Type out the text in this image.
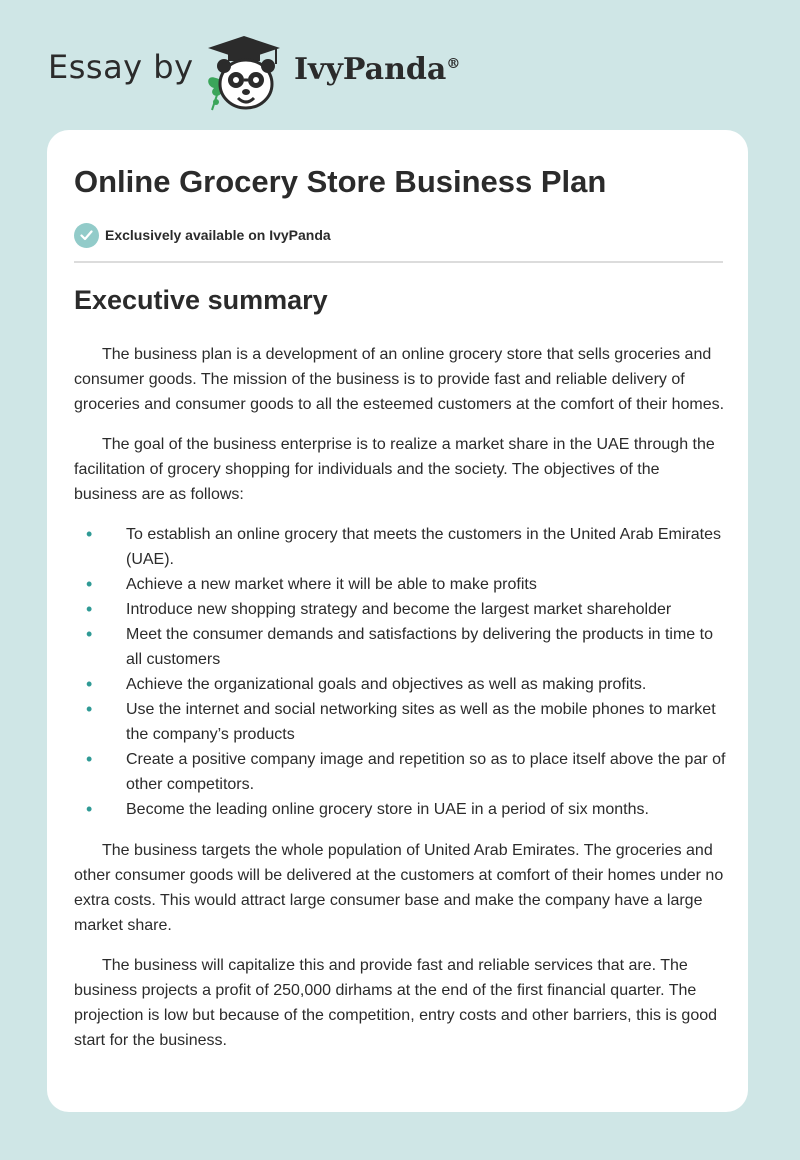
Essay by	IvyPanda®
Online Grocery Store Business Plan
Exclusively available on IvyPanda
Executive summary

The business plan is a development of an online grocery store that sells groceries and consumer goods. The mission of the business is to provide fast and reliable delivery of groceries and consumer goods to all the esteemed customers at the comfort of their homes.

The goal of the business enterprise is to realize a market share in the UAE through the facilitation of grocery shopping for individuals and the society. The objectives of the business are as follows:

• To establish an online grocery that meets the customers in the United Arab Emirates (UAE).
• Achieve a new market where it will be able to make profits
• Introduce new shopping strategy and become the largest market shareholder
• Meet the consumer demands and satisfactions by delivering the products in time to all customers
• Achieve the organizational goals and objectives as well as making profits.
• Use the internet and social networking sites as well as the mobile phones to market the company’s products
• Create a positive company image and repetition so as to place itself above the par of other competitors.
• Become the leading online grocery store in UAE in a period of six months.

The business targets the whole population of United Arab Emirates. The groceries and other consumer goods will be delivered at the customers at comfort of their homes under no extra costs. This would attract large consumer base and make the company have a large market share.

The business will capitalize this and provide fast and reliable services that are. The business projects a profit of 250,000 dirhams at the end of the first financial quarter. The projection is low but because of the competition, entry costs and other barriers, this is good start for the business.
